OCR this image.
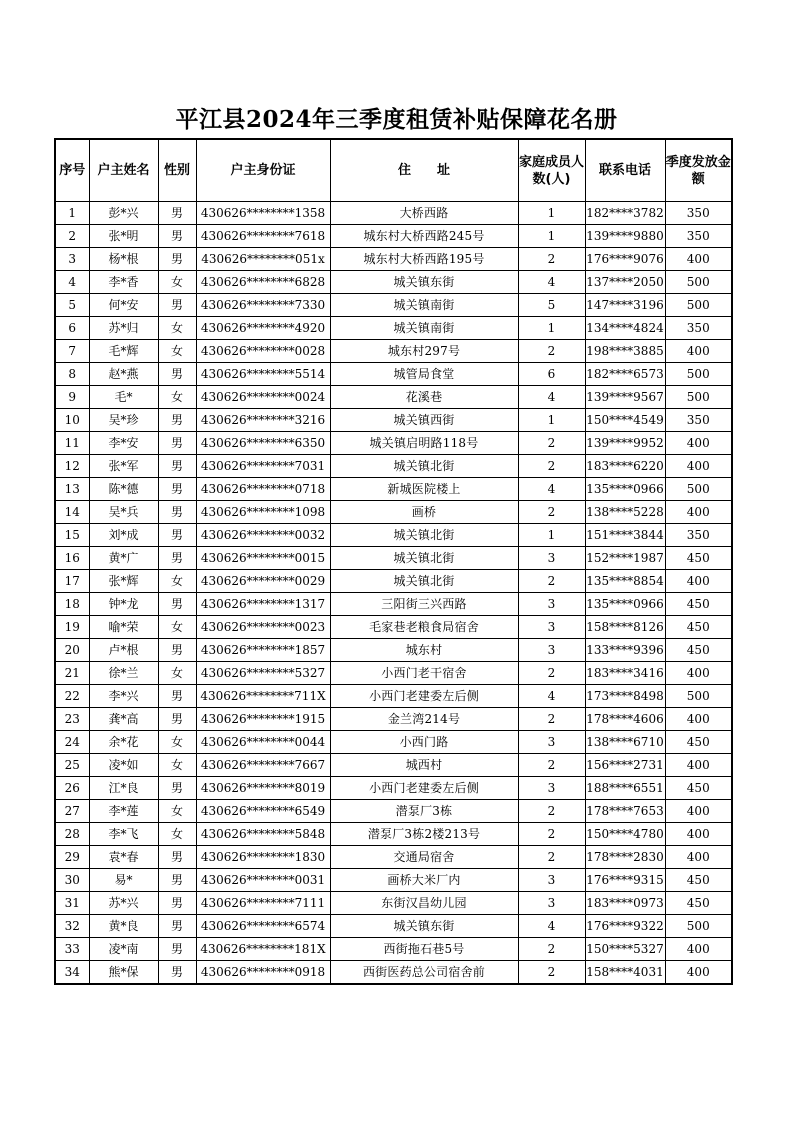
平江县2024年三季度租赁补贴保障花名册
序号	户主姓名	性别	户主身份证	住　　址	家庭成员人数(人)	联系电话	季度发放金额
1	彭*兴	男	430626********1358	大桥西路	1	182****3782	350
2	张*明	男	430626********7618	城东村大桥西路245号	1	139****9880	350
3	杨*根	男	430626********051x	城东村大桥西路195号	2	176****9076	400
4	李*香	女	430626********6828	城关镇东街	4	137****2050	500
5	何*安	男	430626********7330	城关镇南街	5	147****3196	500
6	苏*归	女	430626********4920	城关镇南街	1	134****4824	350
7	毛*辉	女	430626********0028	城东村297号	2	198****3885	400
8	赵*燕	男	430626********5514	城管局食堂	6	182****6573	500
9	毛*	女	430626********0024	花溪巷	4	139****9567	500
10	吴*珍	男	430626********3216	城关镇西街	1	150****4549	350
11	李*安	男	430626********6350	城关镇启明路118号	2	139****9952	400
12	张*军	男	430626********7031	城关镇北街	2	183****6220	400
13	陈*德	男	430626********0718	新城医院楼上	4	135****0966	500
14	吴*兵	男	430626********1098	画桥	2	138****5228	400
15	刘*成	男	430626********0032	城关镇北街	1	151****3844	350
16	黄*广	男	430626********0015	城关镇北街	3	152****1987	450
17	张*辉	女	430626********0029	城关镇北街	2	135****8854	400
18	钟*龙	男	430626********1317	三阳街三兴西路	3	135****0966	450
19	喻*荣	女	430626********0023	毛家巷老粮食局宿舍	3	158****8126	450
20	卢*根	男	430626********1857	城东村	3	133****9396	450
21	徐*兰	女	430626********5327	小西门老干宿舍	2	183****3416	400
22	李*兴	男	430626********711X	小西门老建委左后侧	4	173****8498	500
23	龚*高	男	430626********1915	金兰湾214号	2	178****4606	400
24	余*花	女	430626********0044	小西门路	3	138****6710	450
25	凌*如	女	430626********7667	城西村	2	156****2731	400
26	江*良	男	430626********8019	小西门老建委左后侧	3	188****6551	450
27	李*莲	女	430626********6549	潜泵厂3栋	2	178****7653	400
28	李*飞	女	430626********5848	潜泵厂3栋2楼213号	2	150****4780	400
29	袁*春	男	430626********1830	交通局宿舍	2	178****2830	400
30	易*	男	430626********0031	画桥大米厂内	3	176****9315	450
31	苏*兴	男	430626********7111	东街汉昌幼儿园	3	183****0973	450
32	黄*良	男	430626********6574	城关镇东街	4	176****9322	500
33	凌*南	男	430626********181X	西街拖石巷5号	2	150****5327	400
34	熊*保	男	430626********0918	西街医药总公司宿舍前	2	158****4031	400
